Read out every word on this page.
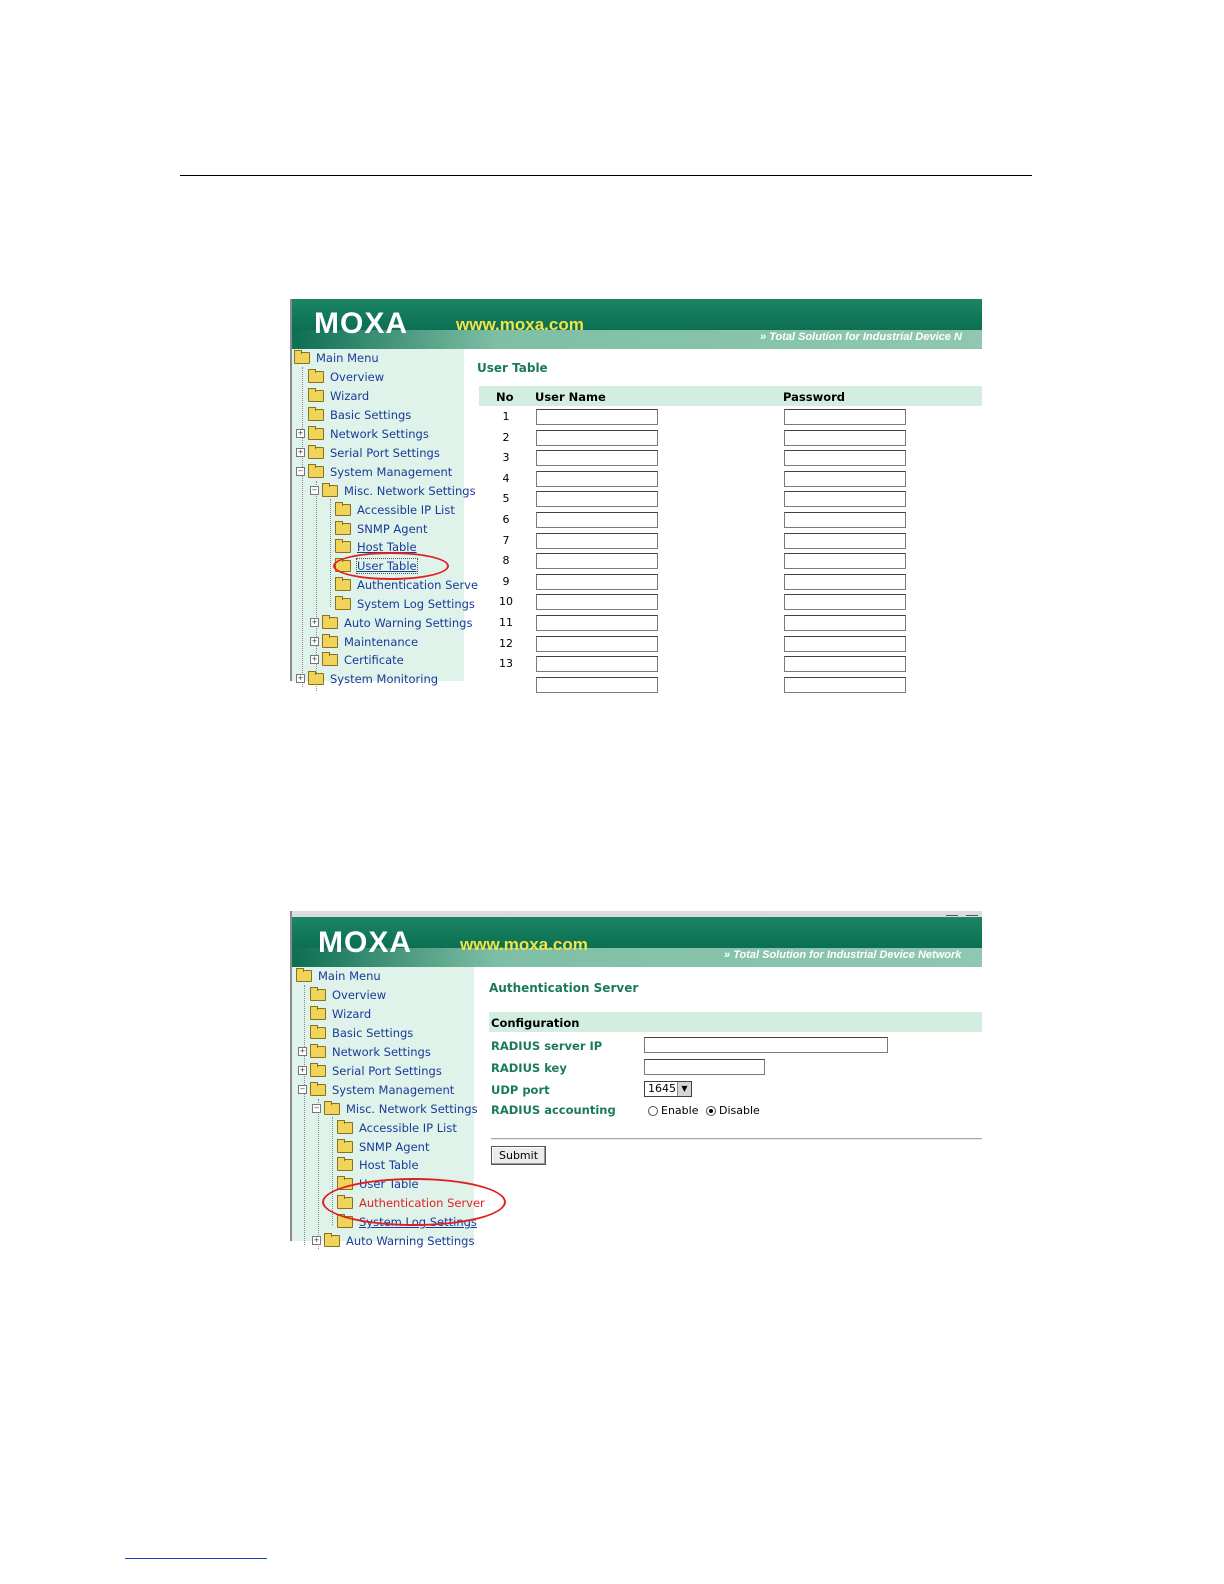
MOXA	www.moxa.com
» Total Solution for Industrial Device N
Main Menu
Overview
Wizard
Basic Settings
+ Network Settings
+ Serial Port Settings
− System Management
− Misc. Network Settings
Accessible IP List
SNMP Agent
Host Table
User Table
Authentication Serve
System Log Settings
+ Auto Warning Settings
+ Maintenance
+ Certificate
+ System Monitoring
User Table
No User Name	Password
1
2
3
4
5
6
7
8
9
10
11
12
13
MOXA	www.moxa.com
» Total Solution for Industrial Device Network
Main Menu
Overview
Wizard
Basic Settings
+ Network Settings
+ Serial Port Settings
− System Management
− Misc. Network Settings
Accessible IP List
SNMP Agent
Host Table
User Table
Authentication Server
System Log Settings
+ Auto Warning Settings
Authentication Server
Configuration
RADIUS server IP
RADIUS key
UDP port	1645 ▼
RADIUS accounting	Enable Disable
Submit
